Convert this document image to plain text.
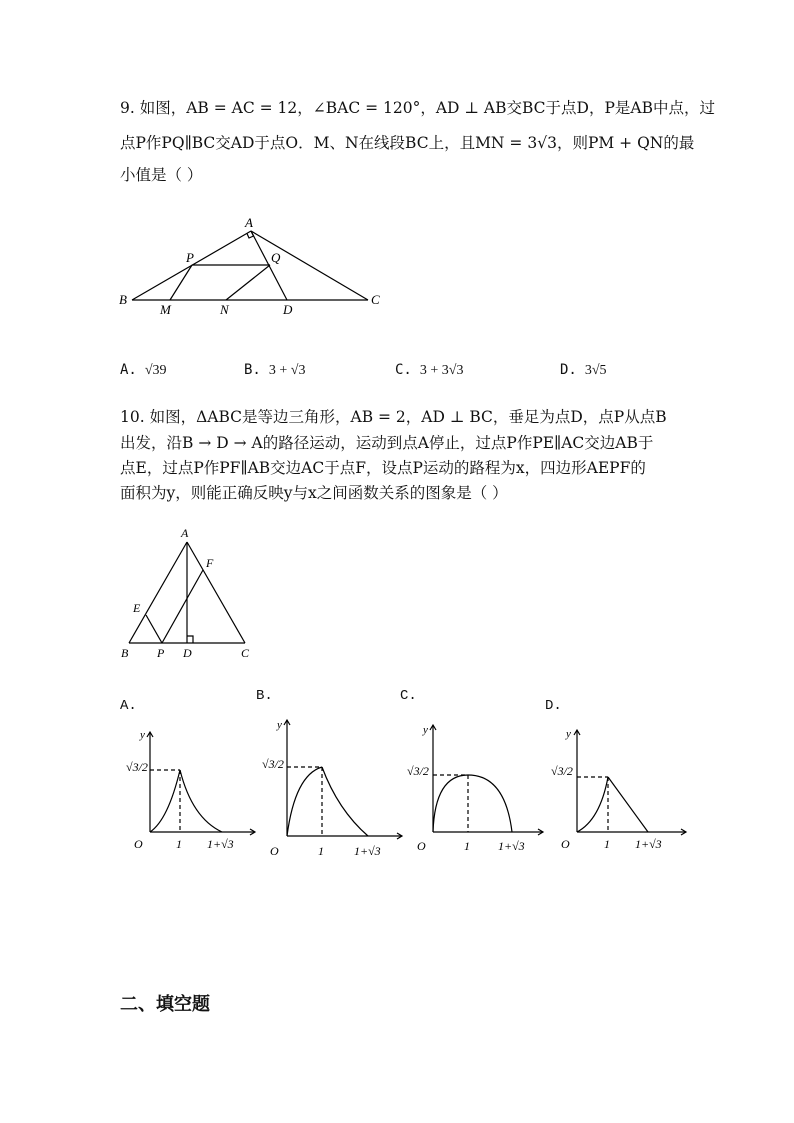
9. 如图，AB = AC = 12，∠BAC = 120°，AD ⊥ AB交BC于点D，P是AB中点，过
点P作PQ∥BC交AD于点O．M、N在线段BC上，且MN = 3√3，则PM + QN的最
小值是（ ）
A
P	Q
B	C
M	N	D
A. √39	B. 3 + √3	C. 3 + 3√3	D. 3√5
10. 如图，ΔABC是等边三角形，AB = 2，AD ⊥ BC，垂足为点D，点P从点B
出发，沿B → D → A的路径运动，运动到点A停止，过点P作PE∥AC交边AB于
点E，过点P作PF∥AB交边AC于点F，设点P运动的路程为x，四边形AEPF的
面积为y，则能正确反映y与x之间函数关系的图象是（ ）
A
F
E
B P D	C
A.
B.	C.
D.
y
O	1 1+√3
√3/2
y
O	1	1+√3
√3/2
y
O	1 1+√3
√3/2
y
O	1 1+√3
√3/2
二、填空题
